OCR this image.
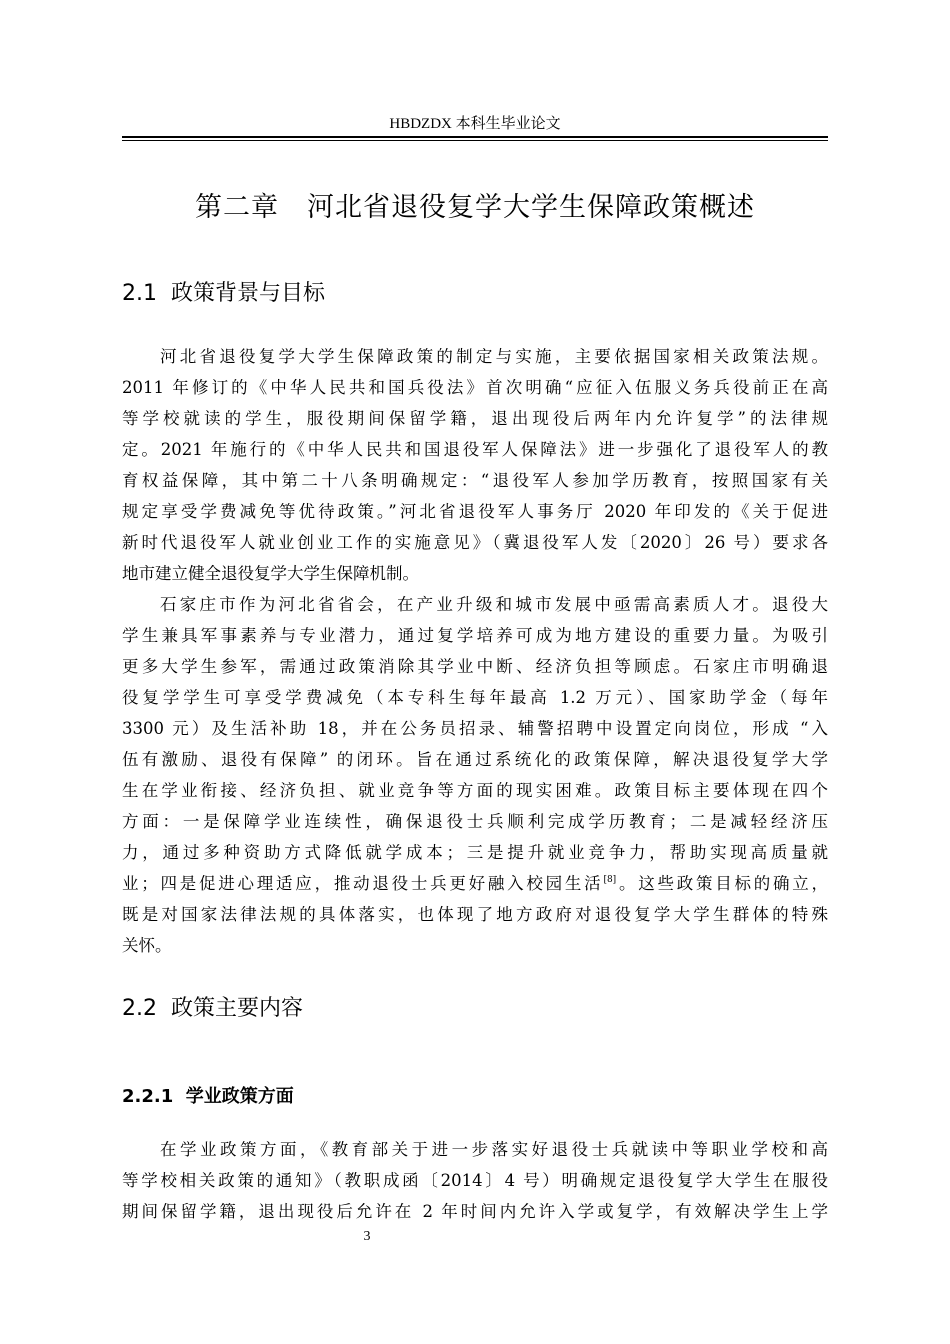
HBDZDX 本科生毕业论文
第二章　河北省退役复学大学生保障政策概述
2.1  政策背景与目标
河北省退役复学大学生保障政策的制定与实施，主要依据国家相关政策法规。
2011 年修订的《中华人民共和国兵役法》首次明确“应征入伍服义务兵役前正在高
等学校就读的学生，服役期间保留学籍，退出现役后两年内允许复学”的法律规
定。2021 年施行的《中华人民共和国退役军人保障法》进一步强化了退役军人的教
育权益保障，其中第二十八条明确规定：“退役军人参加学历教育，按照国家有关
规定享受学费减免等优待政策。”河北省退役军人事务厅 2020 年印发的《关于促进
新时代退役军人就业创业工作的实施意见》（冀退役军人发〔2020〕26 号）要求各
地市建立健全退役复学大学生保障机制。
石家庄市作为河北省省会，在产业升级和城市发展中亟需高素质人才。退役大
学生兼具军事素养与专业潜力，通过复学培养可成为地方建设的重要力量。为吸引
更多大学生参军，需通过政策消除其学业中断、经济负担等顾虑。石家庄市明确退
役复学学生可享受学费减免（本专科生每年最高 1.2 万元）、国家助学金（每年
3300 元）及生活补助 18，并在公务员招录、辅警招聘中设置定向岗位，形成 “入
伍有激励、退役有保障” 的闭环。旨在通过系统化的政策保障，解决退役复学大学
生在学业衔接、经济负担、就业竞争等方面的现实困难。政策目标主要体现在四个
方面：一是保障学业连续性，确保退役士兵顺利完成学历教育；二是减轻经济压
力，通过多种资助方式降低就学成本；三是提升就业竞争力，帮助实现高质量就
业；四是促进心理适应，推动退役士兵更好融入校园生活[8]。这些政策目标的确立，
既是对国家法律法规的具体落实，也体现了地方政府对退役复学大学生群体的特殊
关怀。
2.2  政策主要内容
2.2.1  学业政策方面
在学业政策方面，《教育部关于进一步落实好退役士兵就读中等职业学校和高
等学校相关政策的通知》（教职成函〔2014〕4 号）明确规定退役复学大学生在服役
期间保留学籍，退出现役后允许在 2 年时间内允许入学或复学，有效解决学生上学
3
